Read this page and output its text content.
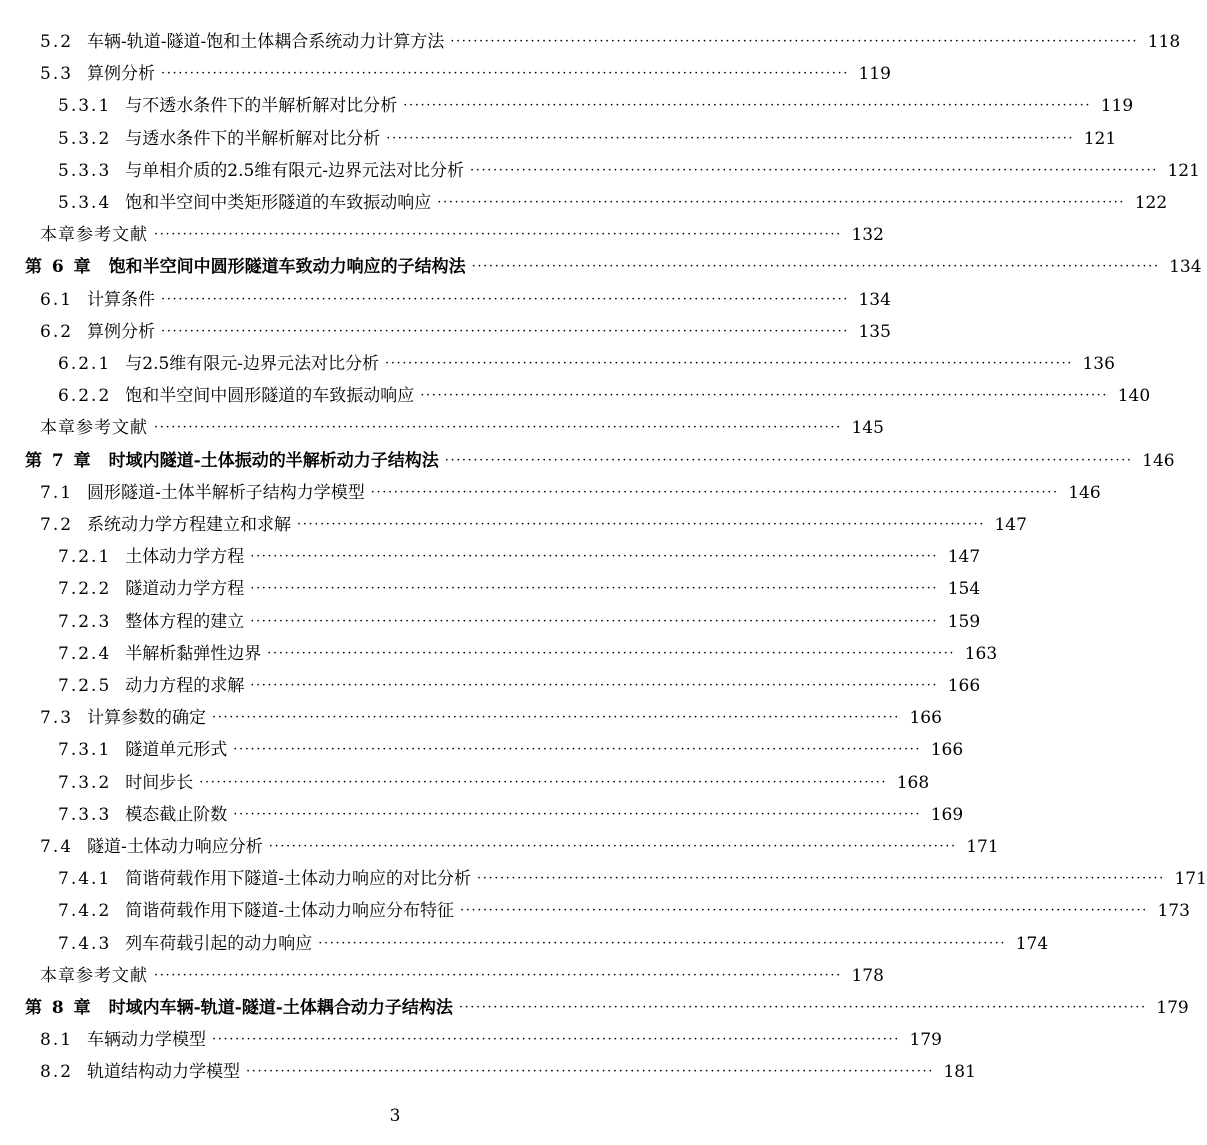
5.2 车辆-轨道-隧道-饱和土体耦合系统动力计算方法 ························································································································ 118
5.3 算例分析 ························································································································ 119
5.3.1 与不透水条件下的半解析解对比分析 ························································································································ 119
5.3.2 与透水条件下的半解析解对比分析 ························································································································ 121
5.3.3 与单相介质的2.5维有限元-边界元法对比分析 ························································································································ 121
5.3.4 饱和半空间中类矩形隧道的车致振动响应 ························································································································ 122
本章参考文献 ························································································································ 132
第 6 章 饱和半空间中圆形隧道车致动力响应的子结构法 ························································································································ 134
6.1 计算条件 ························································································································ 134
6.2 算例分析 ························································································································ 135
6.2.1 与2.5维有限元-边界元法对比分析 ························································································································ 136
6.2.2 饱和半空间中圆形隧道的车致振动响应 ························································································································ 140
本章参考文献 ························································································································ 145
第 7 章 时域内隧道-土体振动的半解析动力子结构法 ························································································································ 146
7.1 圆形隧道-土体半解析子结构力学模型 ························································································································ 146
7.2 系统动力学方程建立和求解 ························································································································ 147
7.2.1 土体动力学方程 ························································································································ 147
7.2.2 隧道动力学方程 ························································································································ 154
7.2.3 整体方程的建立 ························································································································ 159
7.2.4 半解析黏弹性边界 ························································································································ 163
7.2.5 动力方程的求解 ························································································································ 166
7.3 计算参数的确定 ························································································································ 166
7.3.1 隧道单元形式 ························································································································ 166
7.3.2 时间步长 ························································································································ 168
7.3.3 模态截止阶数 ························································································································ 169
7.4 隧道-土体动力响应分析 ························································································································ 171
7.4.1 简谐荷载作用下隧道-土体动力响应的对比分析 ························································································································ 171
7.4.2 简谐荷载作用下隧道-土体动力响应分布特征 ························································································································ 173
7.4.3 列车荷载引起的动力响应 ························································································································ 174
本章参考文献 ························································································································ 178
第 8 章 时域内车辆-轨道-隧道-土体耦合动力子结构法 ························································································································ 179
8.1 车辆动力学模型 ························································································································ 179
8.2 轨道结构动力学模型 ························································································································ 181
3
